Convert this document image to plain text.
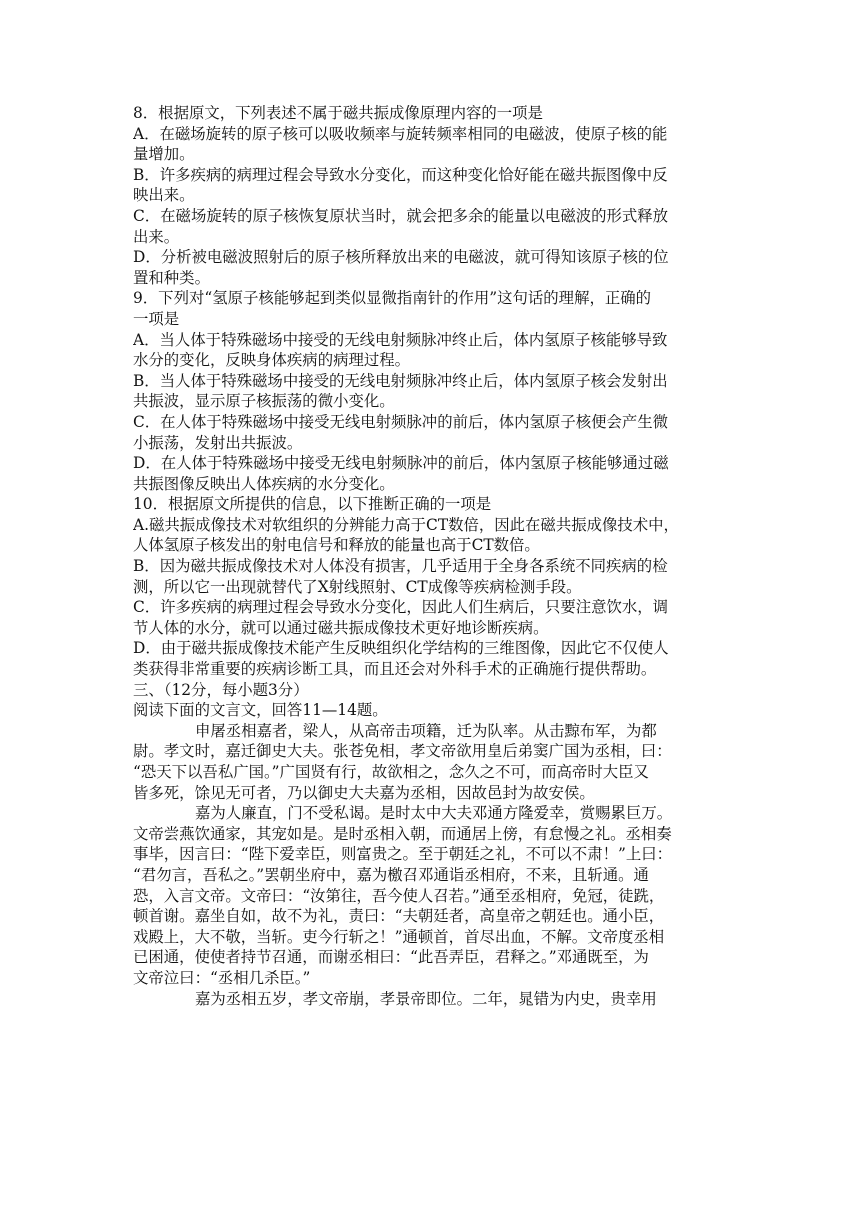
8．根据原文，下列表述不属于磁共振成像原理内容的一项是
A．在磁场旋转的原子核可以吸收频率与旋转频率相同的电磁波，使原子核的能
量增加。
B．许多疾病的病理过程会导致水分变化，而这种变化恰好能在磁共振图像中反
映出来。
C．在磁场旋转的原子核恢复原状当时，就会把多余的能量以电磁波的形式释放
出来。
D．分析被电磁波照射后的原子核所释放出来的电磁波，就可得知该原子核的位
置和种类。
9．下列对“氢原子核能够起到类似显微指南针的作用”这句话的理解，正确的
一项是
A．当人体于特殊磁场中接受的无线电射频脉冲终止后，体内氢原子核能够导致
水分的变化，反映身体疾病的病理过程。
B．当人体于特殊磁场中接受的无线电射频脉冲终止后，体内氢原子核会发射出
共振波，显示原子核振荡的微小变化。
C．在人体于特殊磁场中接受无线电射频脉冲的前后，体内氢原子核便会产生微
小振荡，发射出共振波。
D．在人体于特殊磁场中接受无线电射频脉冲的前后，体内氢原子核能够通过磁
共振图像反映出人体疾病的水分变化。
10．根据原文所提供的信息，以下推断正确的一项是
A.磁共振成像技术对软组织的分辨能力高于CT数倍，因此在磁共振成像技术中，
人体氢原子核发出的射电信号和释放的能量也高于CT数倍。
B．因为磁共振成像技术对人体没有损害，几乎适用于全身各系统不同疾病的检
测，所以它一出现就替代了X射线照射、CT成像等疾病检测手段。
C．许多疾病的病理过程会导致水分变化，因此人们生病后，只要注意饮水，调
节人体的水分，就可以通过磁共振成像技术更好地诊断疾病。
D．由于磁共振成像技术能产生反映组织化学结构的三维图像，因此它不仅使人
类获得非常重要的疾病诊断工具，而且还会对外科手术的正确施行提供帮助。
三、（12分，每小题3分）
阅读下面的文言文，回答11—14题。
申屠丞相嘉者，梁人，从高帝击项籍，迁为队率。从击黥布军，为都
尉。孝文时，嘉迁御史大夫。张苍免相，孝文帝欲用皇后弟窦广国为丞相，曰：
“恐天下以吾私广国。”广国贤有行，故欲相之，念久之不可，而高帝时大臣又
皆多死，馀见无可者，乃以御史大夫嘉为丞相，因故邑封为故安侯。
嘉为人廉直，门不受私谒。是时太中大夫邓通方隆爱幸，赏赐累巨万。
文帝尝燕饮通家，其宠如是。是时丞相入朝，而通居上傍，有怠慢之礼。丞相奏
事毕，因言曰：“陛下爱幸臣，则富贵之。至于朝廷之礼，不可以不肃！”上曰：
“君勿言，吾私之。”罢朝坐府中，嘉为檄召邓通诣丞相府，不来，且斩通。通
恐，入言文帝。文帝曰：“汝第往，吾今使人召若。”通至丞相府，免冠，徒跣，
顿首谢。嘉坐自如，故不为礼，责曰：“夫朝廷者，高皇帝之朝廷也。通小臣，
戏殿上，大不敬，当斩。吏今行斩之！”通顿首，首尽出血，不解。文帝度丞相
已困通，使使者持节召通，而谢丞相曰：“此吾弄臣，君释之。”邓通既至，为
文帝泣曰：“丞相几杀臣。”
嘉为丞相五岁，孝文帝崩，孝景帝即位。二年，晁错为内史，贵幸用
